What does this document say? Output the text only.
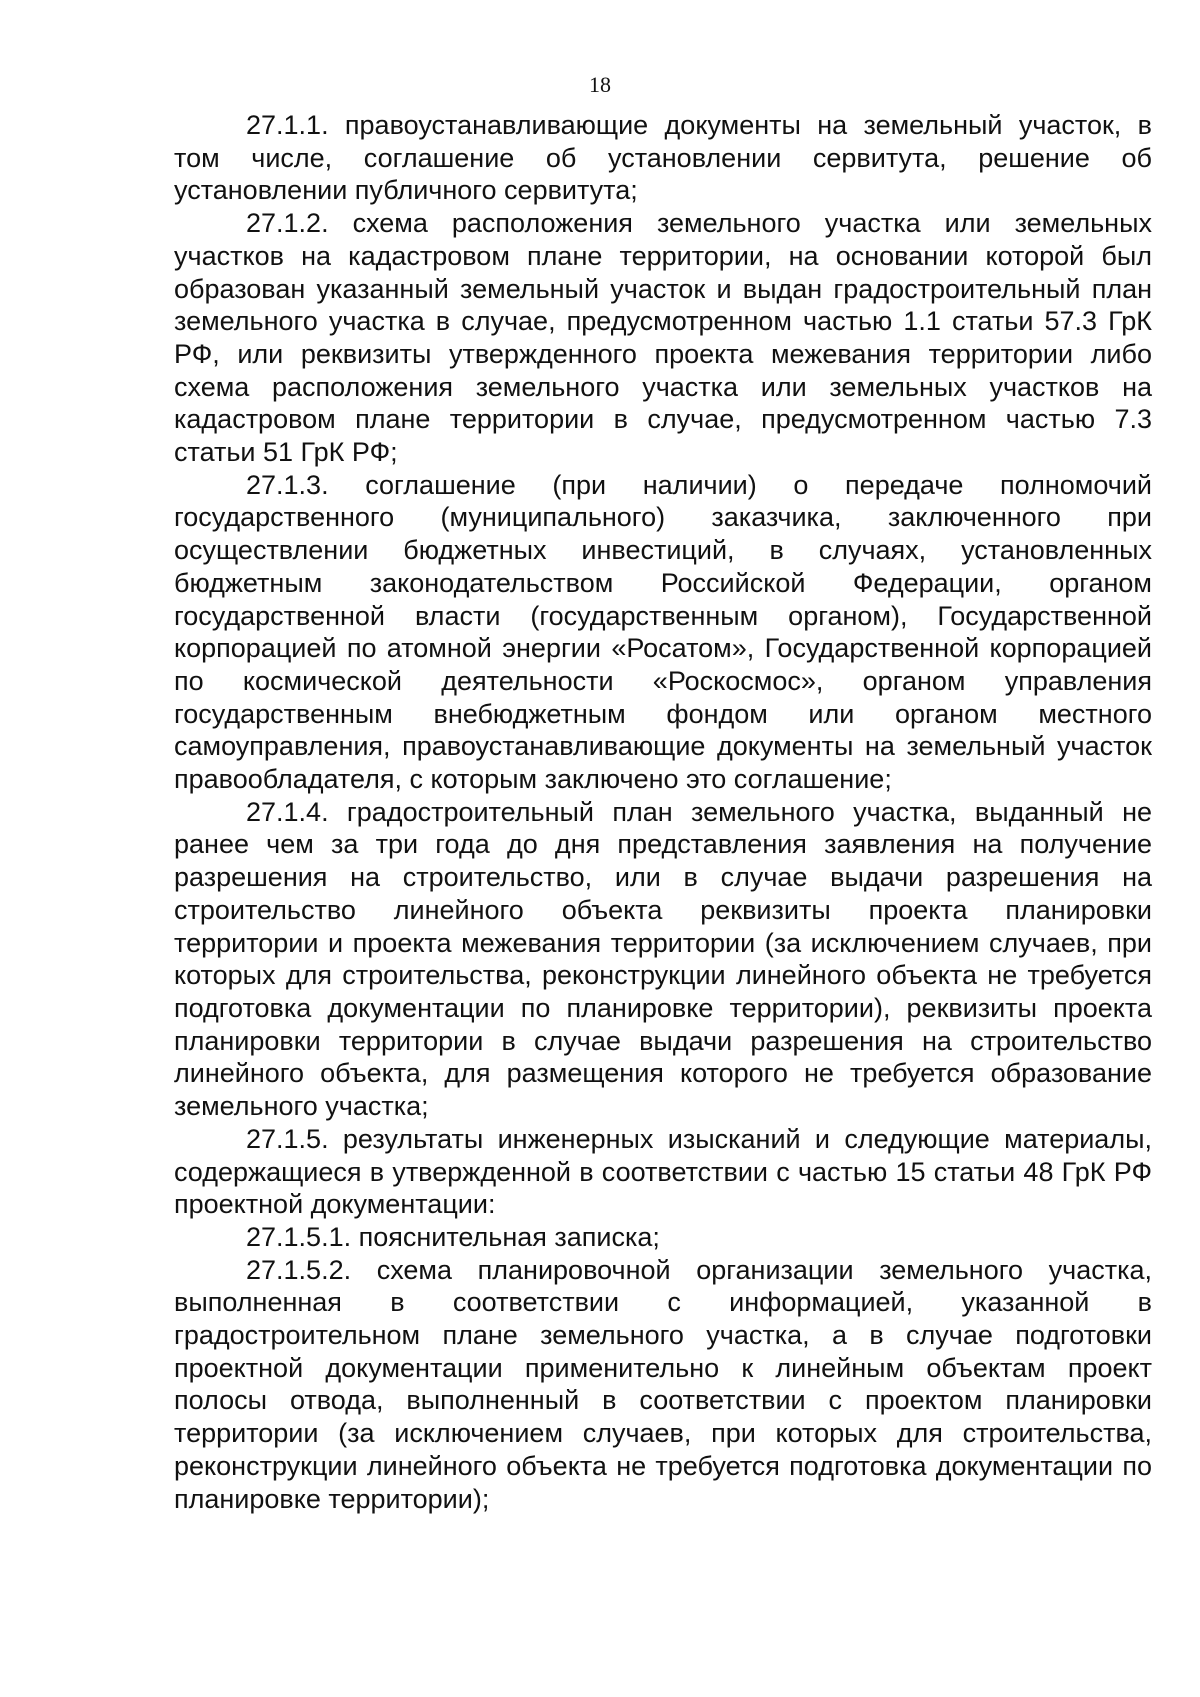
18

27.1.1. правоустанавливающие документы на земельный участок, в том числе, соглашение об установлении сервитута, решение об установлении публичного сервитута;

27.1.2. схема расположения земельного участка или земельных участков на кадастровом плане территории, на основании которой был образован указанный земельный участок и выдан градостроительный план земельного участка в случае, предусмотренном частью 1.1 статьи 57.3 ГрК РФ, или реквизиты утвержденного проекта межевания территории либо схема расположения земельного участка или земельных участков на кадастровом плане территории в случае, предусмотренном частью 7.3 статьи 51 ГрК РФ;

27.1.3. соглашение (при наличии) о передаче полномочий государственного (муниципального) заказчика, заключенного при осуществлении бюджетных инвестиций, в случаях, установленных бюджетным законодательством Российской Федерации, органом государственной власти (государственным органом), Государственной корпорацией по атомной энергии «Росатом», Государственной корпорацией по космической деятельности «Роскосмос», органом управления государственным внебюджетным фондом или органом местного самоуправления, правоустанавливающие документы на земельный участок правообладателя, с которым заключено это соглашение;

27.1.4. градостроительный план земельного участка, выданный не ранее чем за три года до дня представления заявления на получение разрешения на строительство, или в случае выдачи разрешения на строительство линейного объекта реквизиты проекта планировки территории и проекта межевания территории (за исключением случаев, при которых для строительства, реконструкции линейного объекта не требуется подготовка документации по планировке территории), реквизиты проекта планировки территории в случае выдачи разрешения на строительство линейного объекта, для размещения которого не требуется образование земельного участка;

27.1.5. результаты инженерных изысканий и следующие материалы, содержащиеся в утвержденной в соответствии с частью 15 статьи 48 ГрК РФ проектной документации:

27.1.5.1. пояснительная записка;

27.1.5.2. схема планировочной организации земельного участка, выполненная в соответствии с информацией, указанной в градостроительном плане земельного участка, а в случае подготовки проектной документации применительно к линейным объектам проект полосы отвода, выполненный в соответствии с проектом планировки территории (за исключением случаев, при которых для строительства, реконструкции линейного объекта не требуется подготовка документации по планировке территории);
